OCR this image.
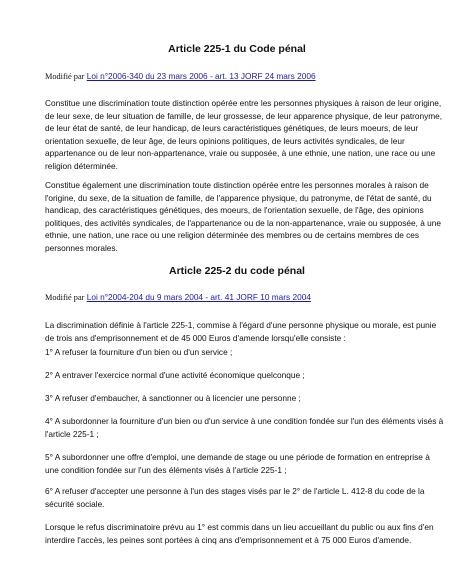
Article 225-1 du Code pénal
Modifié par Loi n°2006-340 du 23 mars 2006 - art. 13 JORF 24 mars 2006
Constitue une discrimination toute distinction opérée entre les personnes physiques à raison de leur origine,
de leur sexe, de leur situation de famille, de leur grossesse, de leur apparence physique, de leur patronyme,
de leur état de santé, de leur handicap, de leurs caractéristiques génétiques, de leurs moeurs, de leur
orientation sexuelle, de leur âge, de leurs opinions politiques, de leurs activités syndicales, de leur
appartenance ou de leur non-appartenance, vraie ou supposée, à une ethnie, une nation, une race ou une
religion déterminée.
Constitue également une discrimination toute distinction opérée entre les personnes morales à raison de
l'origine, du sexe, de la situation de famille, de l'apparence physique, du patronyme, de l'état de santé, du
handicap, des caractéristiques génétiques, des moeurs, de l'orientation sexuelle, de l'âge, des opinions
politiques, des activités syndicales, de l'appartenance ou de la non-appartenance, vraie ou supposée, à une
ethnie, une nation, une race ou une religion déterminée des membres ou de certains membres de ces
personnes morales.
Article 225-2 du code pénal
Modifié par Loi n°2004-204 du 9 mars 2004 - art. 41 JORF 10 mars 2004
La discrimination définie à l'article 225-1, commise à l'égard d'une personne physique ou morale, est punie
de trois ans d'emprisonnement et de 45 000 Euros d'amende lorsqu'elle consiste :
1° A refuser la fourniture d'un bien ou d'un service ;
2° A entraver l'exercice normal d'une activité économique quelconque ;
3° A refuser d'embaucher, à sanctionner ou à licencier une personne ;
4° A subordonner la fourniture d'un bien ou d'un service à une condition fondée sur l'un des éléments visés à
l'article 225-1 ;
5° A subordonner une offre d'emploi, une demande de stage ou une période de formation en entreprise à
une condition fondée sur l'un des éléments visés à l'article 225-1 ;
6° A refuser d'accepter une personne à l'un des stages visés par le 2° de l'article L. 412-8 du code de la
sécurité sociale.
Lorsque le refus discriminatoire prévu au 1° est commis dans un lieu accueillant du public ou aux fins d'en
interdire l'accès, les peines sont portées à cinq ans d'emprisonnement et à 75 000 Euros d'amende.
